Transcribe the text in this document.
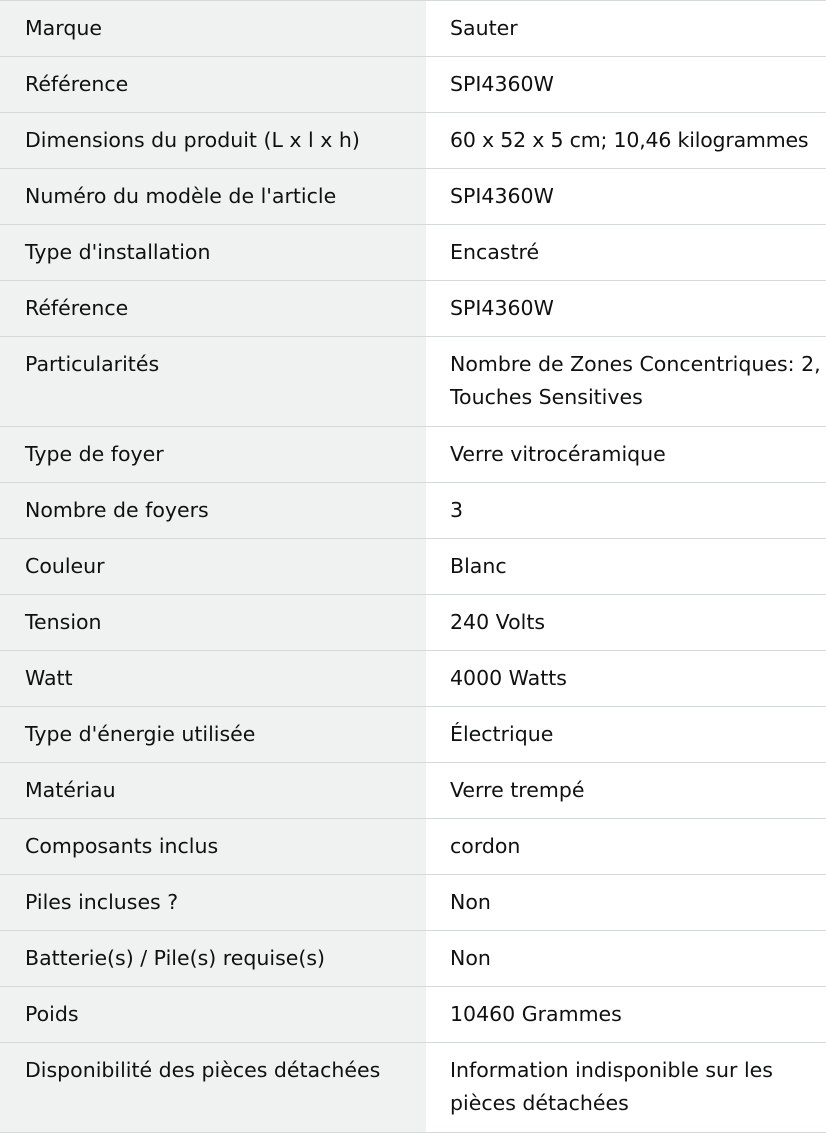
Marque	Sauter
Référence	SPI4360W
Dimensions du produit (L x l x h)	60 x 52 x 5 cm; 10,46 kilogrammes
Numéro du modèle de l'article	SPI4360W
Type d'installation	Encastré
Référence	SPI4360W
Particularités	Nombre de Zones Concentriques: 2, Touches Sensitives
Type de foyer	Verre vitrocéramique
Nombre de foyers	3
Couleur	Blanc
Tension	240 Volts
Watt	4000 Watts
Type d'énergie utilisée	Électrique
Matériau	Verre trempé
Composants inclus	cordon
Piles incluses ?	Non
Batterie(s) / Pile(s) requise(s)	Non
Poids	10460 Grammes
Disponibilité des pièces détachées	Information indisponible sur les pièces détachées
